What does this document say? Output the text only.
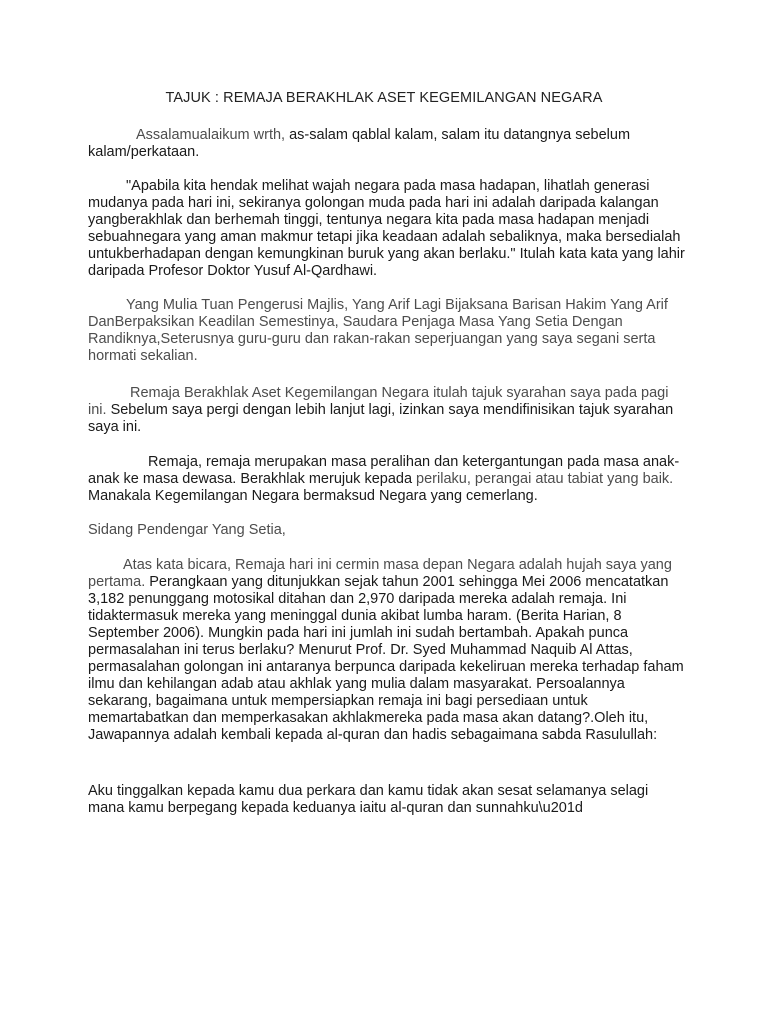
TAJUK : REMAJA BERAKHLAK ASET KEGEMILANGAN NEGARA

Assalamualaikum wrth, as-salam qablal kalam, salam itu datangnya sebelum kalam/perkataan.

"Apabila kita hendak melihat wajah negara pada masa hadapan, lihatlah generasi mudanya pada hari ini, sekiranya golongan muda pada hari ini adalah daripada kalangan yangberakhlak dan berhemah tinggi, tentunya negara kita pada masa hadapan menjadi sebuahnegara yang aman makmur tetapi jika keadaan adalah sebaliknya, maka bersedialah untukberhadapan dengan kemungkinan buruk yang akan berlaku." Itulah kata kata yang lahir daripada Profesor Doktor Yusuf Al-Qardhawi.

Yang Mulia Tuan Pengerusi Majlis, Yang Arif Lagi Bijaksana Barisan Hakim Yang Arif DanBerpaksikan Keadilan Semestinya, Saudara Penjaga Masa Yang Setia Dengan Randiknya,Seterusnya guru-guru dan rakan-rakan seperjuangan yang saya segani serta hormati sekalian.

Remaja Berakhlak Aset Kegemilangan Negara itulah tajuk syarahan saya pada pagi ini. Sebelum saya pergi dengan lebih lanjut lagi, izinkan saya mendifinisikan tajuk syarahan saya ini.

Remaja, remaja merupakan masa peralihan dan ketergantungan pada masa anak-anak ke masa dewasa. Berakhlak merujuk kepada perilaku, perangai atau tabiat yang baik. Manakala Kegemilangan Negara bermaksud Negara yang cemerlang.

Sidang Pendengar Yang Setia,

Atas kata bicara, Remaja hari ini cermin masa depan Negara adalah hujah saya yang pertama. Perangkaan yang ditunjukkan sejak tahun 2001 sehingga Mei 2006 mencatatkan 3,182 penunggang motosikal ditahan dan 2,970 daripada mereka adalah remaja. Ini tidaktermasuk mereka yang meninggal dunia akibat lumba haram. (Berita Harian, 8 September 2006). Mungkin pada hari ini jumlah ini sudah bertambah. Apakah punca permasalahan ini terus berlaku? Menurut Prof. Dr. Syed Muhammad Naquib Al Attas, permasalahan golongan ini antaranya berpunca daripada kekeliruan mereka terhadap faham ilmu dan kehilangan adab atau akhlak yang mulia dalam masyarakat. Persoalannya sekarang, bagaimana untuk mempersiapkan remaja ini bagi persediaan untuk memartabatkan dan memperkasakan akhlakmereka pada masa akan datang?.Oleh itu, Jawapannya adalah kembali kepada al-quran dan hadis sebagaimana sabda Rasulullah:

Aku tinggalkan kepada kamu dua perkara dan kamu tidak akan sesat selamanya selagi mana kamu berpegang kepada keduanya iaitu al-quran dan sunnahku\u201d
